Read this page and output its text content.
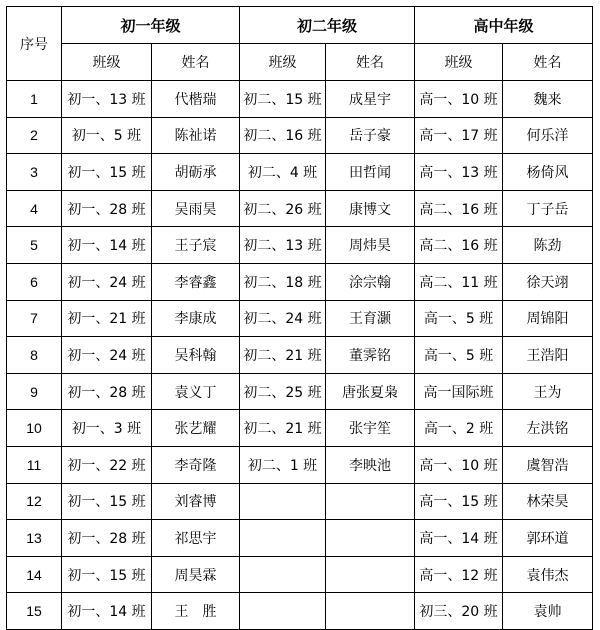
序号	初一年级		初二年级		高中年级	
	班级	姓名	班级	姓名	班级	姓名
1	初一、13 班	代楷瑞	初二、15 班	成星宇	高一、10 班	魏来
2	初一、5 班	陈祉诺	初二、16 班	岳子豪	高一、17 班	何乐洋
3	初一、15 班	胡砺承	初二、4 班	田哲闻	高一、13 班	杨倚风
4	初一、28 班	吴雨昊	初二、26 班	康博文	高二、16 班	丁子岳
5	初一、14 班	王子宸	初二、13 班	周炜昊	高二、16 班	陈劲
6	初一、24 班	李睿鑫	初二、18 班	涂宗翰	高二、11 班	徐天翊
7	初一、21 班	李康成	初二、24 班	王育灏	高一、5 班	周锦阳
8	初一、24 班	吴科翰	初二、21 班	董霁铭	高一、5 班	王浩阳
9	初一、28 班	袁义丁	初二、25 班	唐张夏枭	高一国际班	王为
10	初一、3 班	张艺耀	初二、21 班	张宇笙	高一、2 班	左洪铭
11	初一、22 班	李奇隆	初二、1 班	李映池	高一、10 班	虞智浩
12	初一、15 班	刘睿博			高一、15 班	林荣昊
13	初一、28 班	祁思宇			高一、14 班	郭环道
14	初一、15 班	周昊霖			高一、12 班	袁伟杰
15	初一、14 班	王　胜			初三、20 班	袁帅
